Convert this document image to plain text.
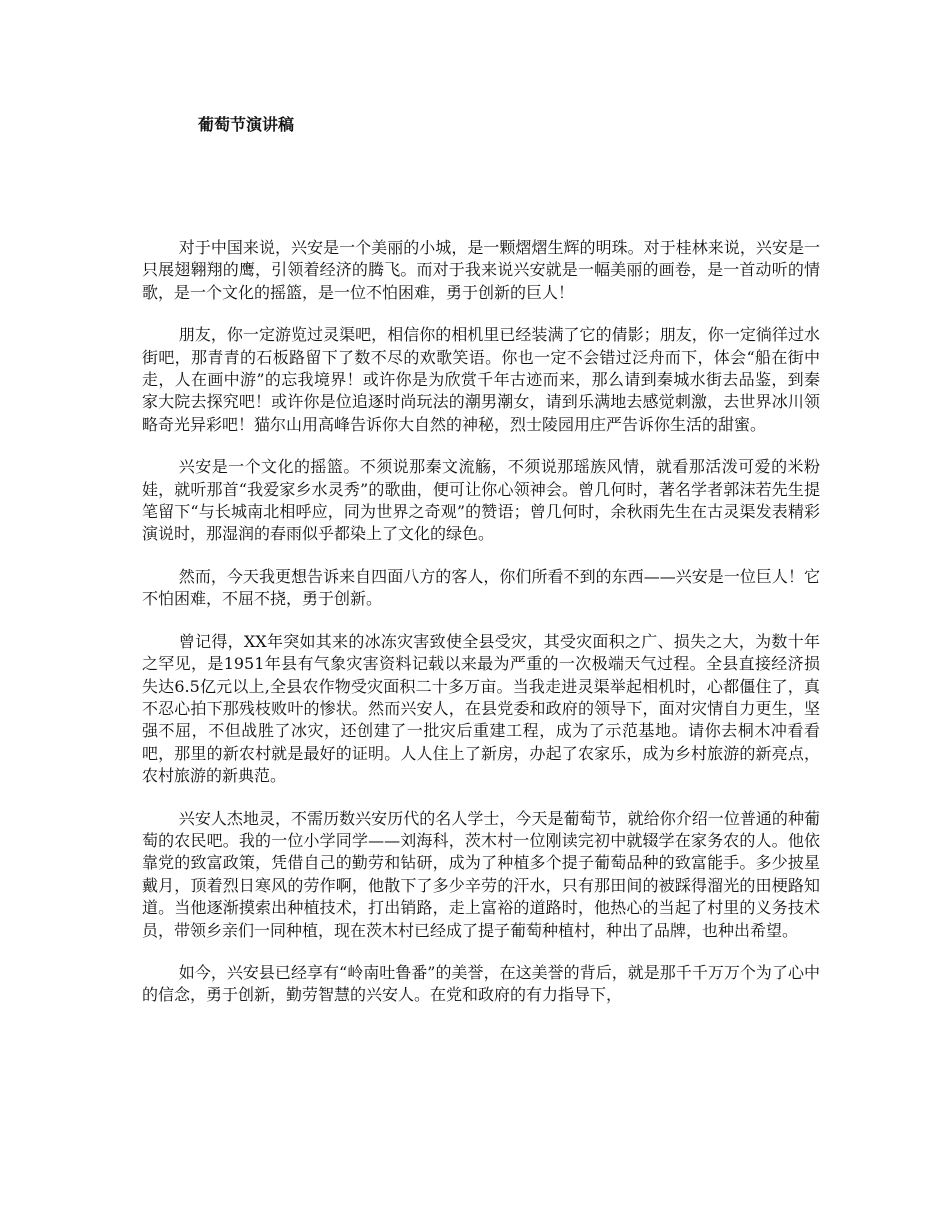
葡萄节演讲稿

对于中国来说，兴安是一个美丽的小城，是一颗熠熠生辉的明珠。对于桂林来说，兴安是一只展翅翱翔的鹰，引领着经济的腾飞。而对于我来说兴安就是一幅美丽的画卷，是一首动听的情歌，是一个文化的摇篮，是一位不怕困难，勇于创新的巨人！

朋友，你一定游览过灵渠吧，相信你的相机里已经装满了它的倩影；朋友，你一定徜徉过水街吧，那青青的石板路留下了数不尽的欢歌笑语。你也一定不会错过泛舟而下，体会“船在街中走，人在画中游”的忘我境界！或许你是为欣赏千年古迹而来，那么请到秦城水街去品鉴，到秦家大院去探究吧！或许你是位追逐时尚玩法的潮男潮女，请到乐满地去感觉刺激，去世界冰川领略奇光异彩吧！猫尔山用高峰告诉你大自然的神秘，烈士陵园用庄严告诉你生活的甜蜜。

兴安是一个文化的摇篮。不须说那秦文流觞，不须说那瑶族风情，就看那活泼可爱的米粉娃，就听那首“我爱家乡水灵秀”的歌曲，便可让你心领神会。曾几何时，著名学者郭沫若先生提笔留下“与长城南北相呼应，同为世界之奇观”的赞语；曾几何时，余秋雨先生在古灵渠发表精彩演说时，那湿润的春雨似乎都染上了文化的绿色。

然而，今天我更想告诉来自四面八方的客人，你们所看不到的东西——兴安是一位巨人！它不怕困难，不屈不挠，勇于创新。

曾记得，XX年突如其来的冰冻灾害致使全县受灾，其受灾面积之广、损失之大，为数十年之罕见，是1951年县有气象灾害资料记载以来最为严重的一次极端天气过程。全县直接经济损失达6.5亿元以上,全县农作物受灾面积二十多万亩。当我走进灵渠举起相机时，心都僵住了，真不忍心拍下那残枝败叶的惨状。然而兴安人，在县党委和政府的领导下，面对灾情自力更生，坚强不屈，不但战胜了冰灾，还创建了一批灾后重建工程，成为了示范基地。请你去桐木冲看看吧，那里的新农村就是最好的证明。人人住上了新房，办起了农家乐，成为乡村旅游的新亮点，农村旅游的新典范。

兴安人杰地灵，不需历数兴安历代的名人学士，今天是葡萄节，就给你介绍一位普通的种葡萄的农民吧。我的一位小学同学——刘海科，茨木村一位刚读完初中就辍学在家务农的人。他依靠党的致富政策，凭借自己的勤劳和钻研，成为了种植多个提子葡萄品种的致富能手。多少披星戴月，顶着烈日寒风的劳作啊，他散下了多少辛劳的汗水，只有那田间的被踩得溜光的田梗路知道。当他逐渐摸索出种植技术，打出销路，走上富裕的道路时，他热心的当起了村里的义务技术员，带领乡亲们一同种植，现在茨木村已经成了提子葡萄种植村，种出了品牌，也种出希望。

如今，兴安县已经享有“岭南吐鲁番”的美誉，在这美誉的背后，就是那千千万万个为了心中的信念，勇于创新，勤劳智慧的兴安人。在党和政府的有力指导下，
